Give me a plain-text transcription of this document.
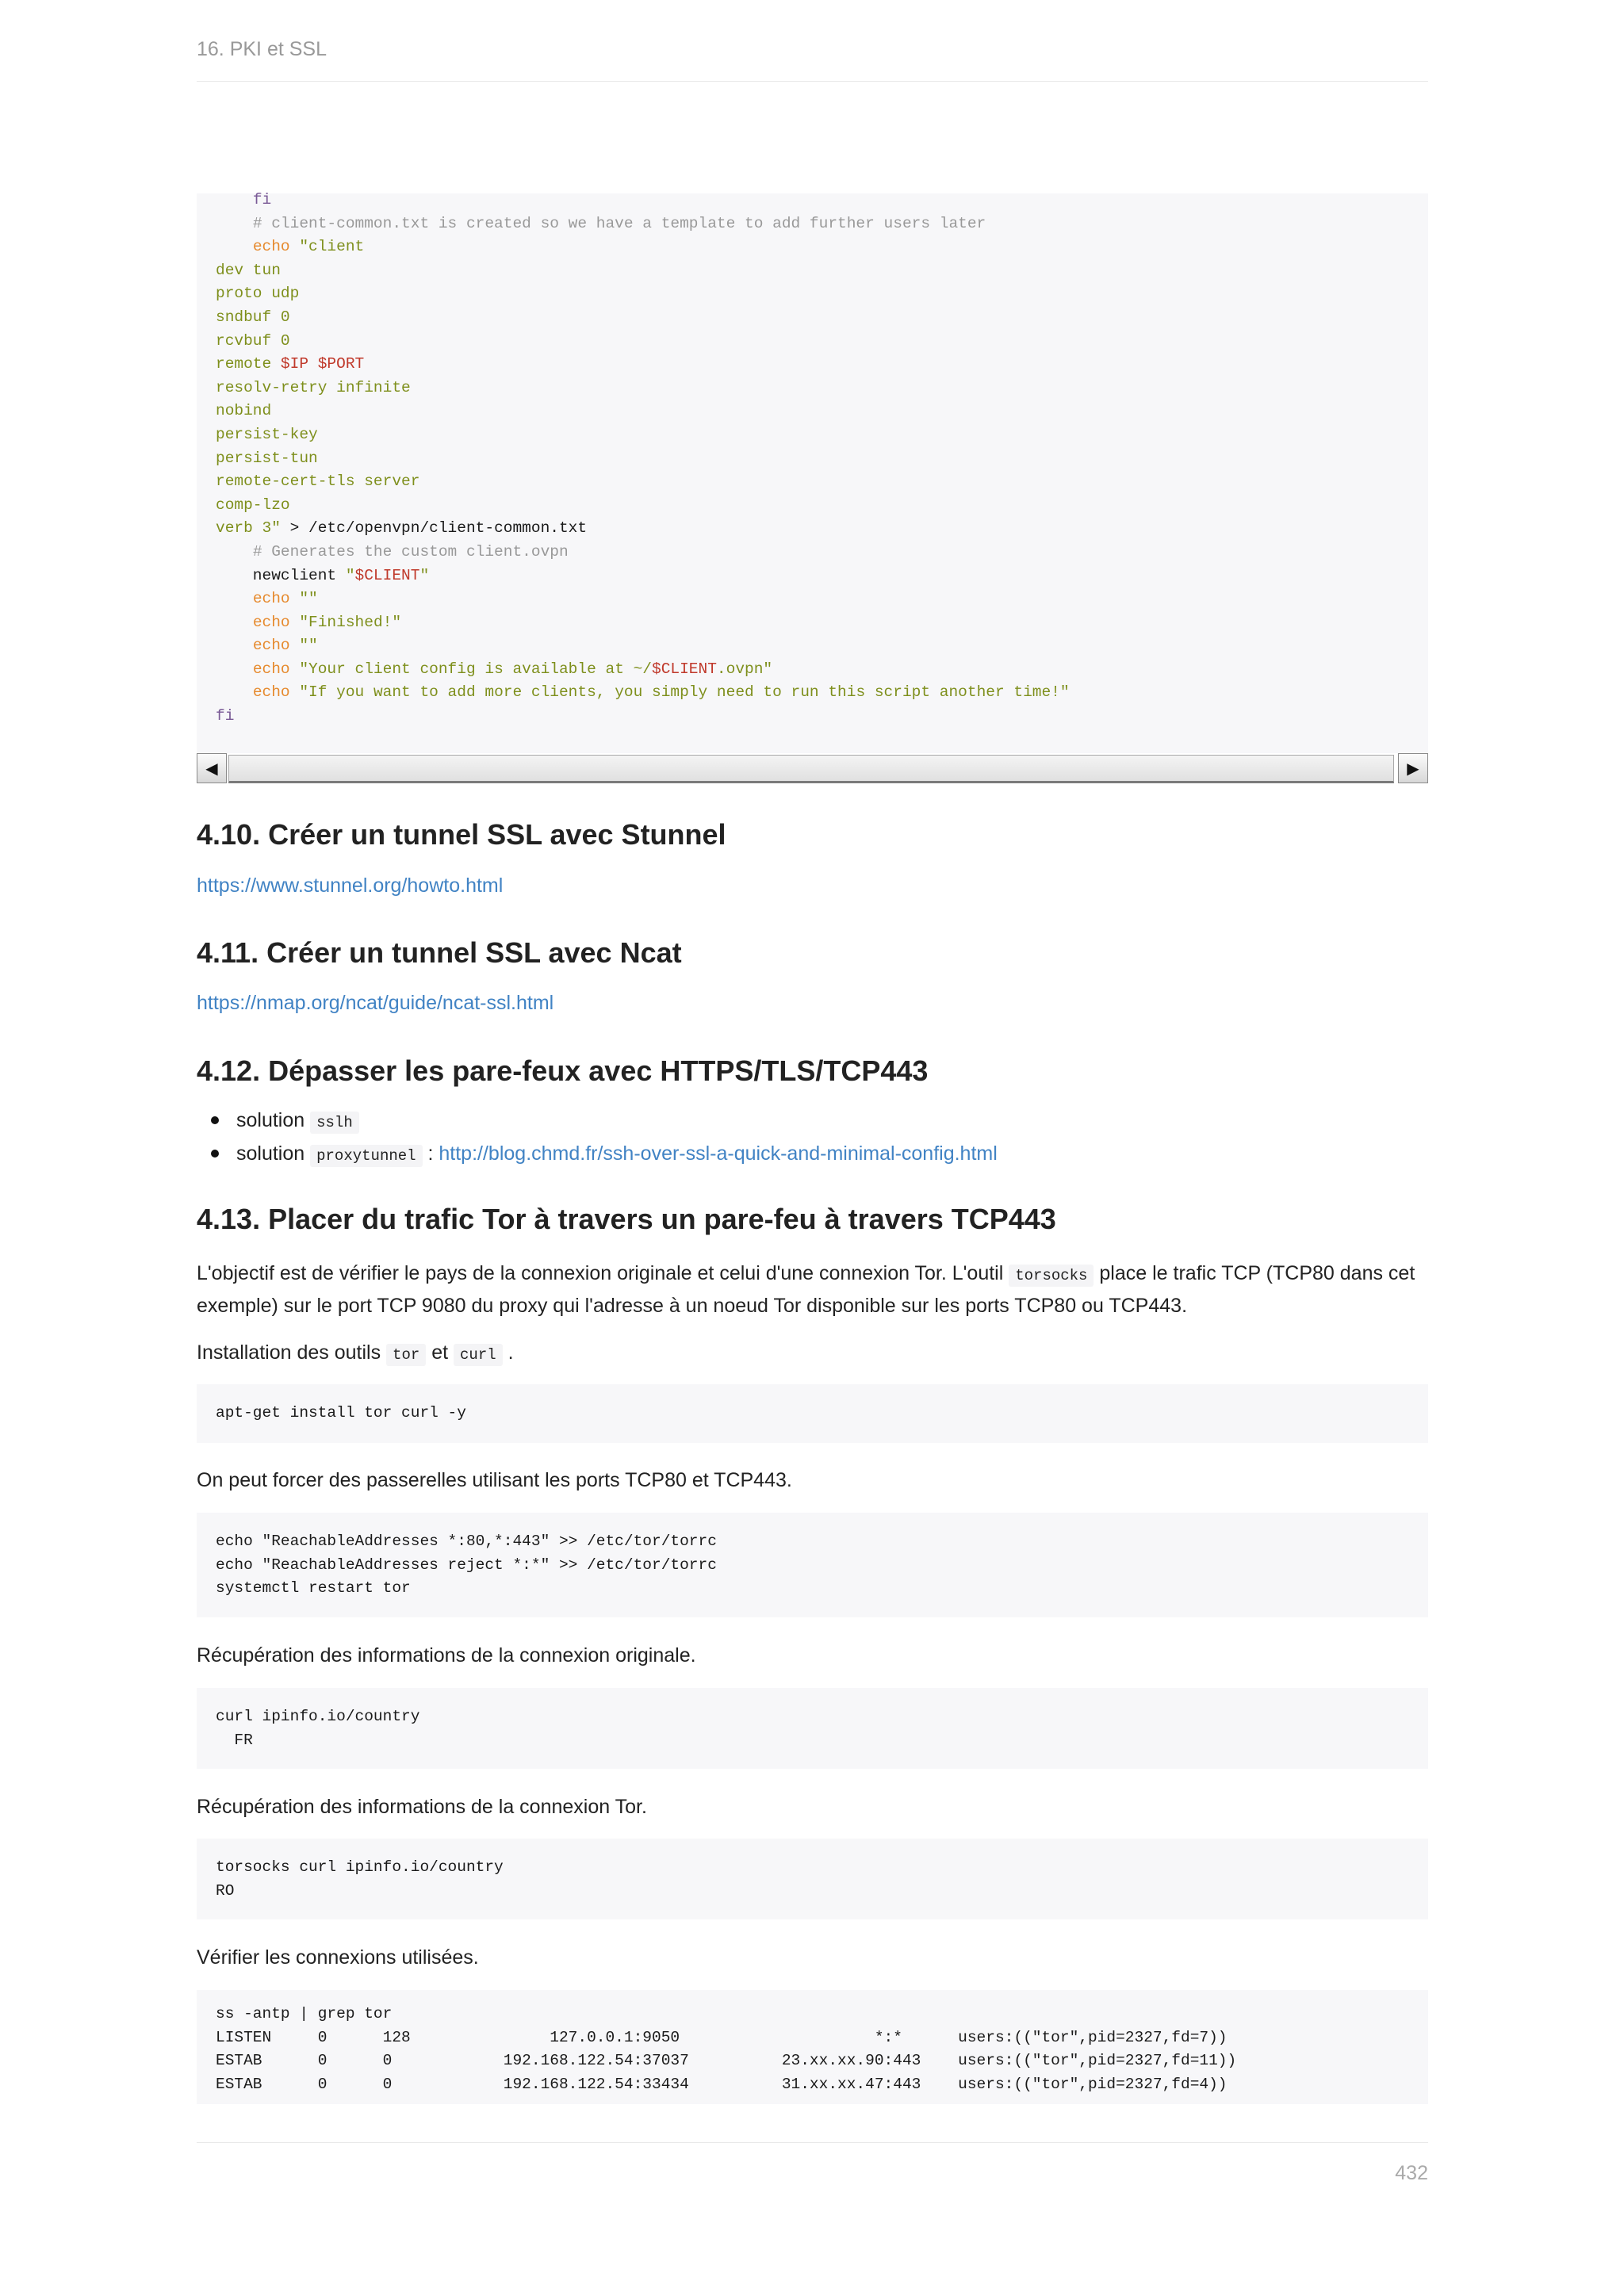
16. PKI et SSL
fi
# client-common.txt is created so we have a template to add further users later
echo "client
dev tun
proto udp
sndbuf 0
rcvbuf 0
remote $IP $PORT
resolv-retry infinite
nobind
persist-key
persist-tun
remote-cert-tls server
comp-lzo
verb 3" > /etc/openvpn/client-common.txt
# Generates the custom client.ovpn
newclient "$CLIENT"
echo ""
echo "Finished!"
echo ""
echo "Your client config is available at ~/$CLIENT.ovpn"
echo "If you want to add more clients, you simply need to run this script another time!"
fi
◀	▶
4.10. Créer un tunnel SSL avec Stunnel
https://www.stunnel.org/howto.html
4.11. Créer un tunnel SSL avec Ncat
https://nmap.org/ncat/guide/ncat-ssl.html
4.12. Dépasser les pare-feux avec HTTPS/TLS/TCP443
solution sslh
solution proxytunnel : http://blog.chmd.fr/ssh-over-ssl-a-quick-and-minimal-config.html
4.13. Placer du trafic Tor à travers un pare-feu à travers TCP443
L'objectif est de vérifier le pays de la connexion originale et celui d'une connexion Tor. L'outil torsocks place le trafic TCP (TCP80 dans cet exemple) sur le port TCP 9080 du proxy qui l'adresse à un noeud Tor disponible sur les ports TCP80 ou TCP443.
Installation des outils tor et curl .
apt-get install tor curl -y
On peut forcer des passerelles utilisant les ports TCP80 et TCP443.
echo "ReachableAddresses *:80,*:443" >> /etc/tor/torrc
echo "ReachableAddresses reject *:*" >> /etc/tor/torrc
systemctl restart tor
Récupération des informations de la connexion originale.
curl ipinfo.io/country
FR
Récupération des informations de la connexion Tor.
torsocks curl ipinfo.io/country
RO
Vérifier les connexions utilisées.
ss -antp | grep tor
LISTEN     0      128               127.0.0.1:9050                     *:*      users:(("tor",pid=2327,fd=7))
ESTAB      0      0            192.168.122.54:37037          23.xx.xx.90:443    users:(("tor",pid=2327,fd=11))
ESTAB      0      0            192.168.122.54:33434          31.xx.xx.47:443    users:(("tor",pid=2327,fd=4))
432
